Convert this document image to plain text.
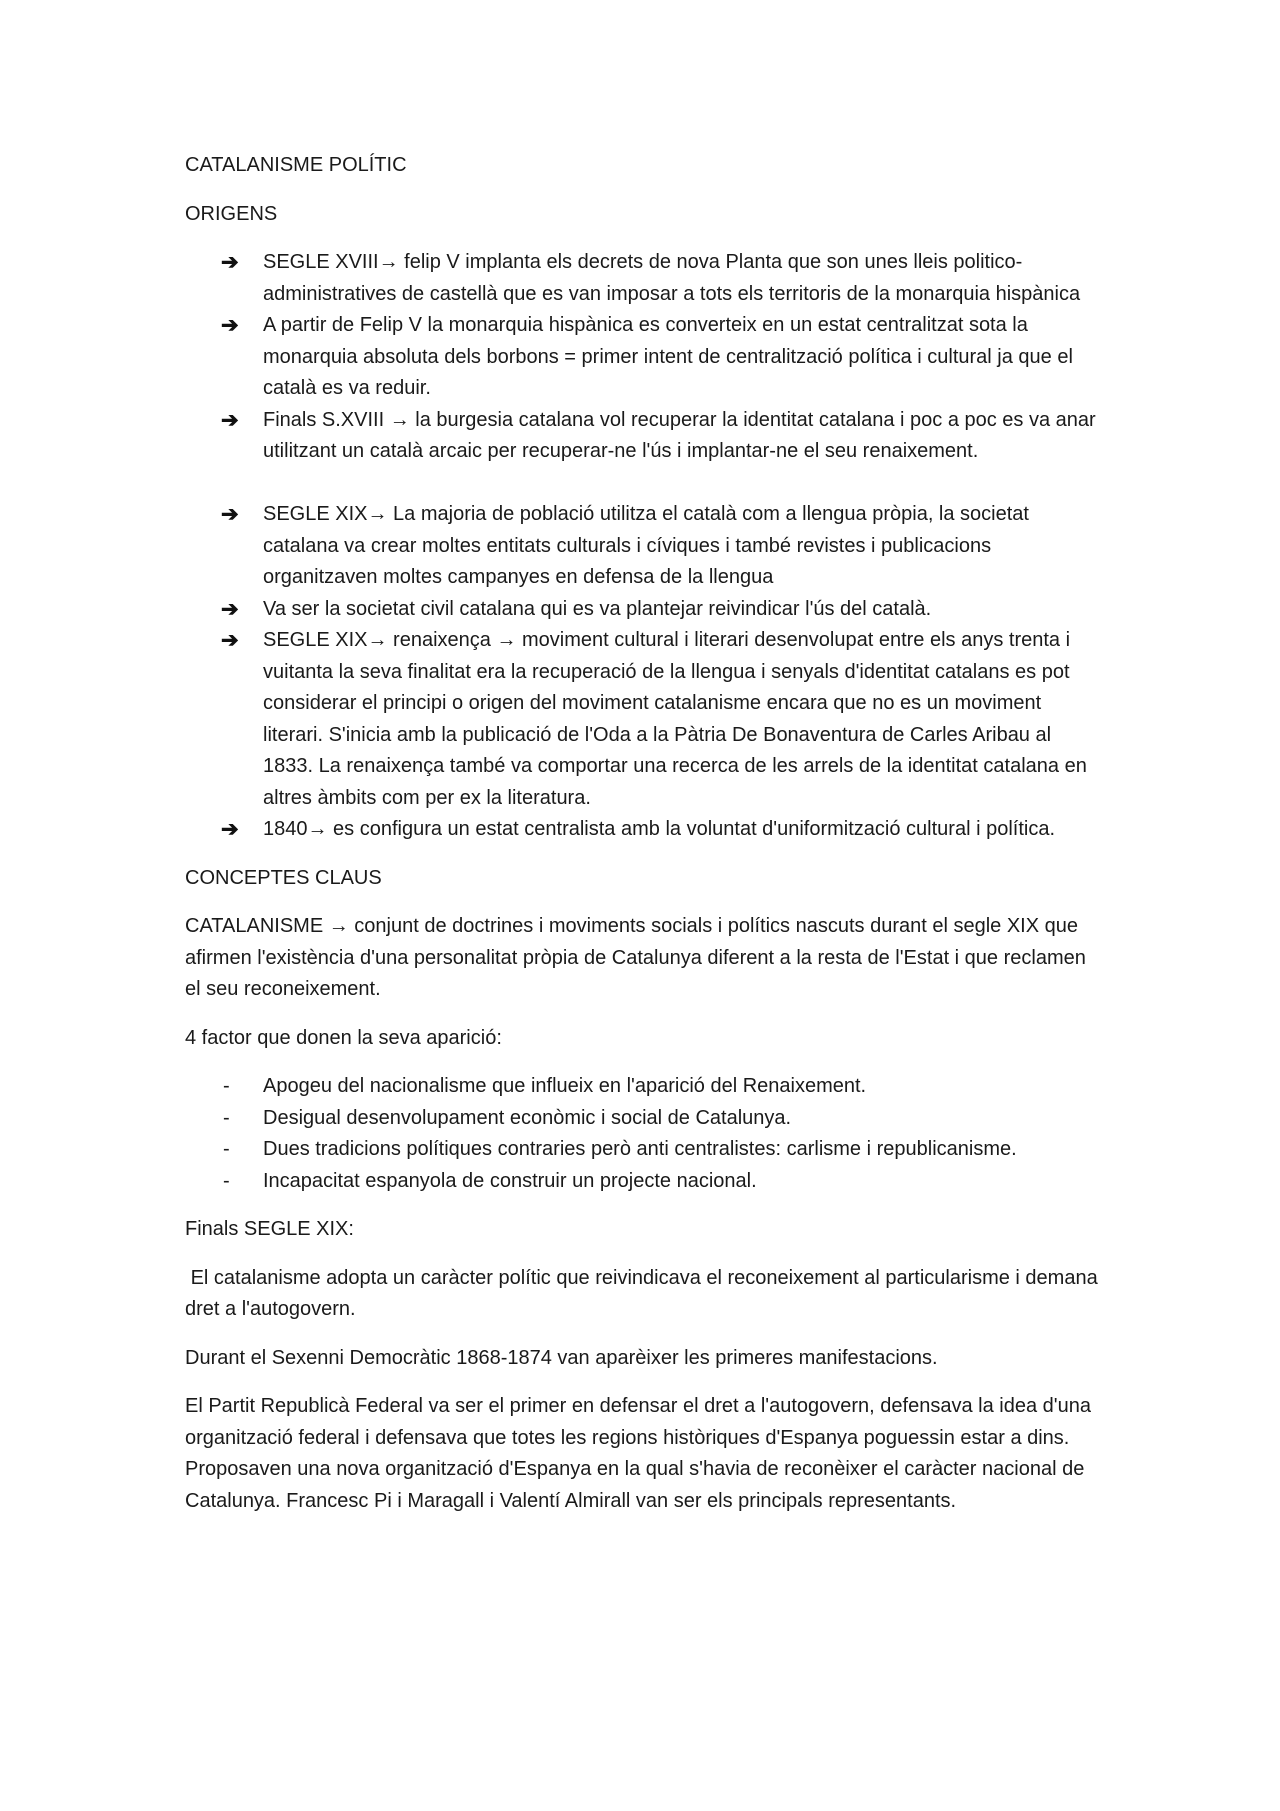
CATALANISME POLÍTIC

ORIGENS

➔ SEGLE XVIII→ felip V implanta els decrets de nova Planta que son unes lleis politico-administratives de castellà que es van imposar a tots els territoris de la monarquia hispànica
➔ A partir de Felip V la monarquia hispànica es converteix en un estat centralitzat sota la monarquia absoluta dels borbons = primer intent de centralització política i cultural ja que el català es va reduir.
➔ Finals S.XVIII → la burgesia catalana vol recuperar la identitat catalana i poc a poc es va anar utilitzant un català arcaic per recuperar-ne l'ús i implantar-ne el seu renaixement.
➔ SEGLE XIX→ La majoria de població utilitza el català com a llengua pròpia, la societat catalana va crear moltes entitats culturals i cíviques i també revistes i publicacions organitzaven moltes campanyes en defensa de la llengua
➔ Va ser la societat civil catalana qui es va plantejar reivindicar l'ús del català.
➔ SEGLE XIX→ renaixença → moviment cultural i literari desenvolupat entre els anys trenta i vuitanta la seva finalitat era la recuperació de la llengua i senyals d'identitat catalans es pot considerar el principi o origen del moviment catalanisme encara que no es un moviment literari. S'inicia amb la publicació de l'Oda a la Pàtria De Bonaventura de Carles Aribau al 1833. La renaixença també va comportar una recerca de les arrels de la identitat catalana en altres àmbits com per ex la literatura.
➔ 1840→ es configura un estat centralista amb la voluntat d'uniformització cultural i política.

CONCEPTES CLAUS

CATALANISME → conjunt de doctrines i moviments socials i polítics nascuts durant el segle XIX que afirmen l'existència d'una personalitat pròpia de Catalunya diferent a la resta de l'Estat i que reclamen el seu reconeixement.

4 factor que donen la seva aparició:

- Apogeu del nacionalisme que influeix en l'aparició del Renaixement.
- Desigual desenvolupament econòmic i social de Catalunya.
- Dues tradicions polítiques contraries però anti centralistes: carlisme i republicanisme.
- Incapacitat espanyola de construir un projecte nacional.

Finals SEGLE XIX:

El catalanisme adopta un caràcter polític que reivindicava el reconeixement al particularisme i demana dret a l'autogovern.

Durant el Sexenni Democràtic 1868-1874 van aparèixer les primeres manifestacions.

El Partit Republicà Federal va ser el primer en defensar el dret a l'autogovern, defensava la idea d'una organització federal i defensava que totes les regions històriques d'Espanya poguessin estar a dins. Proposaven una nova organització d'Espanya en la qual s'havia de reconèixer el caràcter nacional de Catalunya. Francesc Pi i Maragall i Valentí Almirall van ser els principals representants.
